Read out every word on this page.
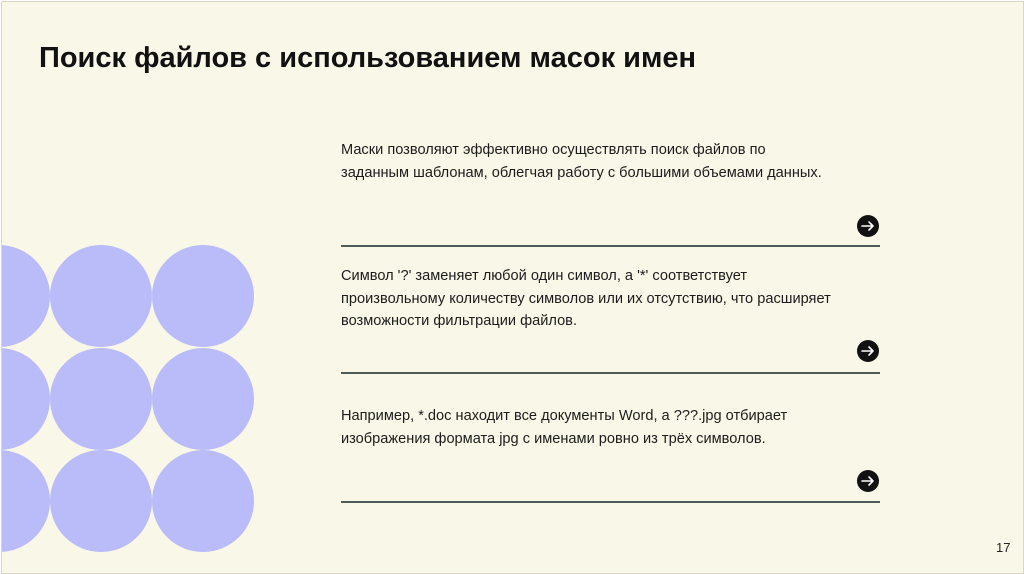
Поиск файлов с использованием масок имен

Маски позволяют эффективно осуществлять поиск файлов по заданным шаблонам, облегчая работу с большими объемами данных.

Символ '?' заменяет любой один символ, а '*' соответствует произвольному количеству символов или их отсутствию, что расширяет возможности фильтрации файлов.

Например, *.doc находит все документы Word, а ???.jpg отбирает изображения формата jpg с именами ровно из трёх символов.

17
